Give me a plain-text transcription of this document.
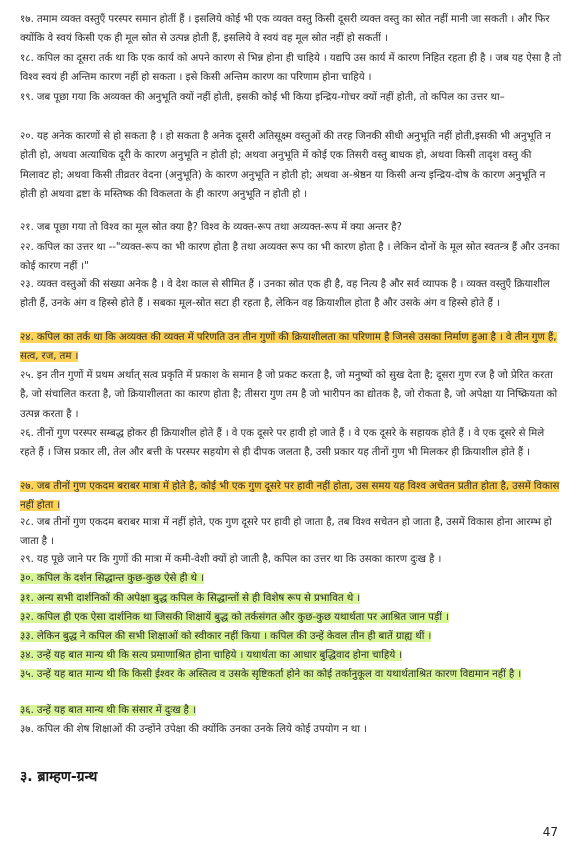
१७. तमाम व्यक्त वस्तुएँ परस्पर समान होतीं हैं । इसलिये कोई भी एक व्यक्त वस्तु किसी दूसरी व्यक्त वस्तु का स्रोत नहीं मानी जा सकती । और फिर क्योंकि वे स्वयं किसी एक ही मूल स्रोत से उत्पन्न होती हैं, इसलिये वे स्वयं वह मूल स्रोत नहीं हो सकतीं ।

१८. कपिल का दूसरा तर्क था कि एक कार्य को अपने कारण से भिन्न होना ही चाहिये । यद्यपि उस कार्य में कारण निहित रहता ही है । जब यह ऐसा है तो विश्व स्वयं ही अन्तिम कारण नहीं हो सकता । इसे किसी अन्तिम कारण का परिणाम होना चाहिये ।

१९. जब पूछा गया कि अव्यक्त की अनुभूति क्यों नहीं होती, इसकी कोई भी किया इन्द्रिय-गोचर क्यों नहीं होती, तो कपिल का उत्तर था–

२०. यह अनेक कारणों से हो सकता है । हो सकता है अनेक दूसरी अतिसूक्ष्म वस्तुओं की तरह जिनकी सीधी अनुभूति नहीं होती,इसकी भी अनुभूति न होती हो, अथवा अत्याधिक दूरी के कारण अनुभूति न होती हो; अथवा अनुभूति में कोई एक तिसरी वस्तु बाधक हो, अथवा किसी तादृश वस्तु की मिलावट हो; अथवा किसी तीव्रतर वेदना (अनुभूति) के कारण अनुभूति न होती हो; अथवा अ-श्रेष्ठन या किसी अन्य इन्द्रिय-दोष के कारण अनुभूति न होती हो अथवा द्रष्टा के मस्तिष्क की विकलता के ही कारण अनुभूति न होती हो ।

२१. जब पूछा गया तो विश्व का मूल स्रोत क्या है? विश्व के व्यक्त-रूप तथा अव्यक्त-रूप में क्या अन्तर है?

२२. कपिल का उत्तर था --"व्यक्त-रूप का भी कारण होता है तथा अव्यक्त रूप का भी कारण होता है । लेकिन दोनों के मूल स्रोत स्वतन्त्र हैं और उनका कोई कारण नहीं ।"

२३. व्यक्त वस्तुओं की संख्या अनेक है । वे देश काल से सीमित हैं । उनका स्रोत एक ही है, वह नित्य है और सर्व व्यापक है । व्यक्त वस्तुएँ क्रियाशील होती हैं, उनके अंग व हिस्से होते हैं । सबका मूल-स्रोत सटा ही रहता है, लेकिन वह क्रियाशील होता है और उसके अंग व हिस्से होते हैं ।

२४. कपिल का तर्क था कि अव्यक्त की व्यक्त में परिणति उन तीन गुणों की क्रियाशीलता का परिणाम है जिनसे उसका निर्माण हुआ है । वे तीन गुण हैं, सत्व, रज, तम ।

२५. इन तीन गुणों में प्रथम अर्थात् सत्व प्रकृति में प्रकाश के समान है जो प्रकट करता है, जो मनुष्यों को सुख देता है; दूसरा गुण रज है जो प्रेरित करता है, जो संचालित करता है, जो क्रियाशीलता का कारण होता है; तीसरा गुण तम है जो भारीपन का द्योतक है, जो रोकता है, जो अपेक्षा या निष्क्रियता को उत्पन्न करता है ।

२६. तीनों गुण परस्पर सम्बद्ध होकर ही क्रियाशील होते हैं । वे एक दूसरे पर हावी हो जाते हैं । वे एक दूसरे के सहायक होते हैं । वे एक दूसरे से मिले रहते हैं । जिस प्रकार ली, तेल और बत्ती के परस्पर सहयोग से ही दीपक जलता है, उसी प्रकार यह तीनों गुण भी मिलकर ही क्रियाशील होते हैं ।

२७. जब तीनों गुण एकदम बराबर मात्रा में होते है, कोई भी एक गुण दूसरे पर हावी नहीं होता, उस समय यह विश्व अचेतन प्रतीत होता है, उसमें विकास नहीं होता ।

२८. जब तीनों गुण एकदम बराबर मात्रा में नहीं होते, एक गुण दूसरे पर हावी हो जाता है, तब विश्व सचेतन हो जाता है, उसमें विकास होना आरम्भ हो जाता है ।

२९. यह पूछे जाने पर कि गुणों की मात्रा में कमी-वेशी क्यों हो जाती है, कपिल का उत्तर था कि उसका कारण दुःख है ।

३०. कपिल के दर्शन सिद्धान्त कुछ-कुछ ऐसे ही थे ।

३१. अन्य सभी दार्शनिकों की अपेक्षा बुद्ध कपिल के सिद्धान्तों से ही विशेष रूप से प्रभावित थे ।

३२. कपिल ही एक ऐसा दार्शनिक था जिसकी शिक्षायें बुद्ध को तर्कसंगत और कुछ-कुछ यथार्थता पर आश्रित जान पड़ीं ।

३३. लेकिन बुद्ध ने कपिल की सभी शिक्षाओं को स्वीकार नहीं किया । कपिल की उन्हें केवल तीन ही बातें ग्राह्य थीं ।

३४. उन्हें यह बात मान्य थी कि सत्य प्रमाणाश्रित होना चाहिये । यथार्थता का आधार बुद्धिवाद होना चाहिये ।

३५. उन्हें यह बात मान्य थी कि किसी ईश्वर के अस्तित्व व उसके सृष्टिकर्ता होने का कोई तर्कानुकूल वा यथार्थताश्रित कारण विद्यमान नहीं है ।

३६. उन्हें यह बात मान्य थी कि संसार में दुःख है ।

३७. कपिल की शेष शिक्षाओं की उन्होंने उपेक्षा की क्योंकि उनका उनके लिये कोई उपयोग न था ।

३. ब्राम्हण-ग्रन्थ
47
